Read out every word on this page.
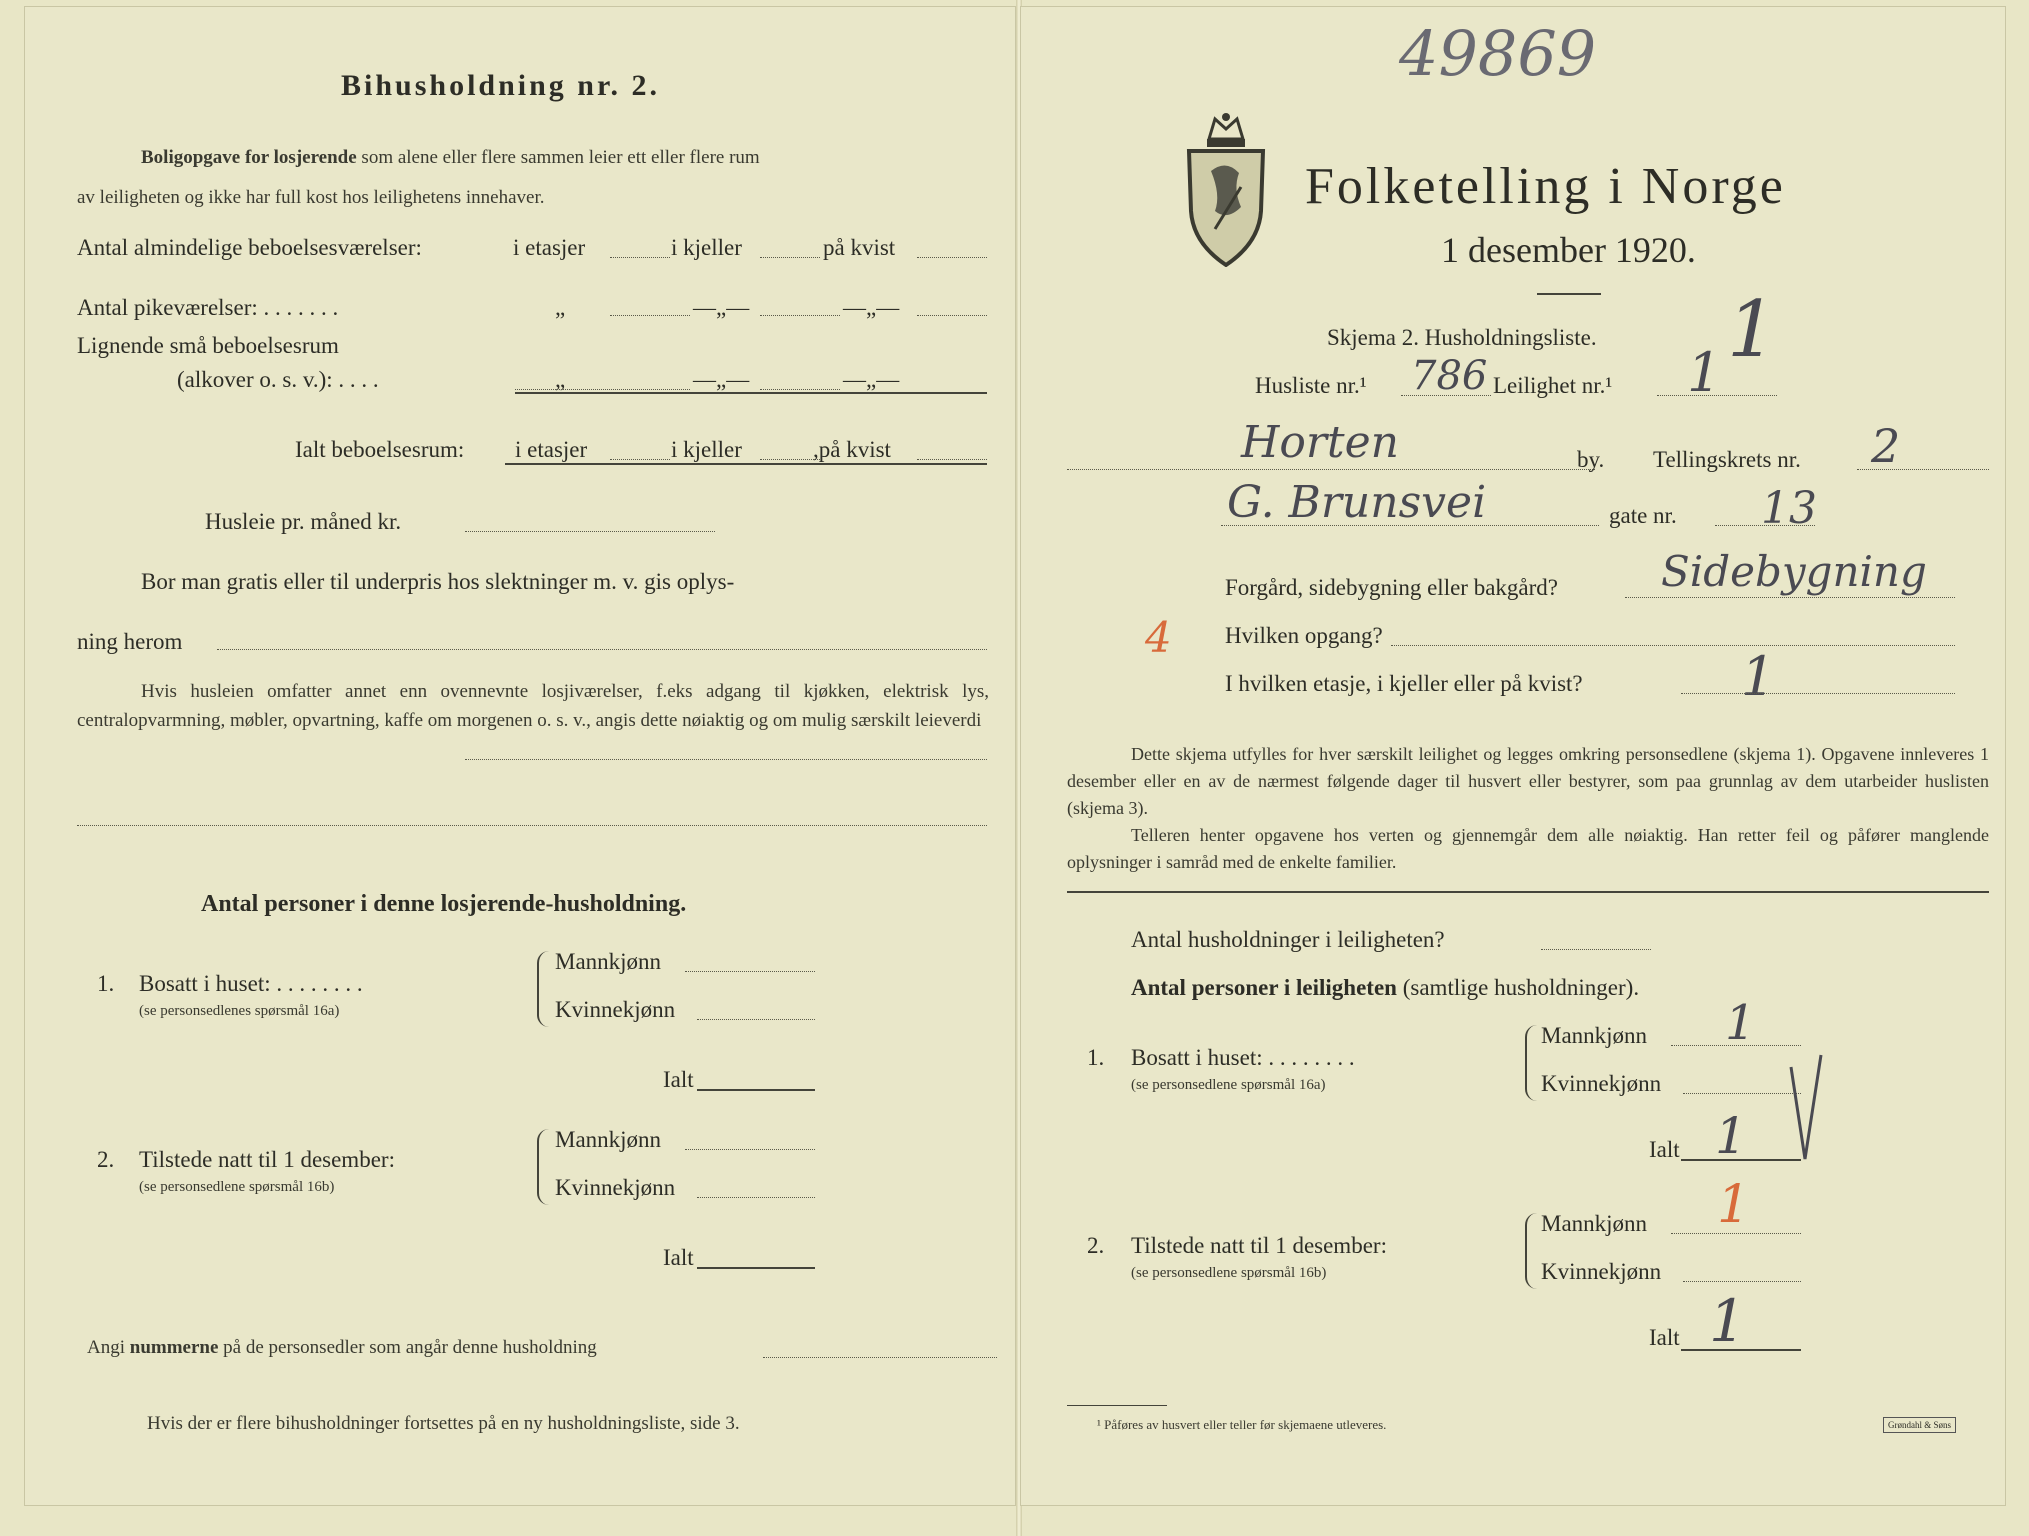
Bihusholdning nr. 2.
Boligopgave for losjerende som alene eller flere sammen leier ett eller flere rum
av leiligheten og ikke har full kost hos leilighetens innehaver.
Antal almindelige beboelsesværelser:	i etasjer	i kjeller	på kvist
Antal pikeværelser: . . . . . . .	„	—„—	—„—
Lignende små beboelsesrum
(alkover o. s. v.): . . . .	„	—„—	—„—
Ialt beboelsesrum: i etasjer	i kjeller	,på kvist
Husleie pr. måned kr.
Bor man gratis eller til underpris hos slektninger m. v. gis oplys-
ning herom
Hvis husleien omfatter annet enn ovennevnte losjiværelser, f.eks adgang til kjøkken, elektrisk lys, centralopvarmning, møbler, opvartning, kaffe om morgenen o. s. v., angis dette nøiaktig og om mulig særskilt leieverdi
Antal personer i denne losjerende-husholdning.
1. Bosatt i huset: . . . . . . . .
(se personsedlenes spørsmål 16a)
Mannkjønn
Kvinnekjønn
Ialt
2. Tilstede natt til 1 desember:
(se personsedlene spørsmål 16b)
Mannkjønn
Kvinnekjønn
Ialt
Angi nummerne på de personsedler som angår denne husholdning
Hvis der er flere bihusholdninger fortsettes på en ny husholdningsliste, side 3.
49869
Folketelling i Norge
1 desember 1920.
Skjema 2. Husholdningsliste. 1
Husliste nr.¹ 786 Leilighet nr.¹ 1
Horten	by. Tellingskrets nr. 2
G. Brunsvei	gate nr. 13
Forgård, sidebygning eller bakgård? Sidebygning
4 Hvilken opgang?
I hvilken etasje, i kjeller eller på kvist?	1
Dette skjema utfylles for hver særskilt leilighet og legges omkring personsedlene (skjema 1). Opgavene innleveres 1 desember eller en av de nærmest følgende dager til husvert eller bestyrer, som paa grunnlag av dem utarbeider huslisten (skjema 3).
Telleren henter opgavene hos verten og gjennemgår dem alle nøiaktig. Han retter feil og påfører manglende oplysninger i samråd med de enkelte familier.
Antal husholdninger i leiligheten?
Antal personer i leiligheten (samtlige husholdninger).
1. Bosatt i huset: . . . . . . . .
(se personsedlene spørsmål 16a)
Mannkjønn 1
Kvinnekjønn
Ialt 1
2. Tilstede natt til 1 desember:
(se personsedlene spørsmål 16b)
Mannkjønn 1
Kvinnekjønn
Ialt 1
¹ Påføres av husvert eller teller før skjemaene utleveres.	Grøndahl & Søns
